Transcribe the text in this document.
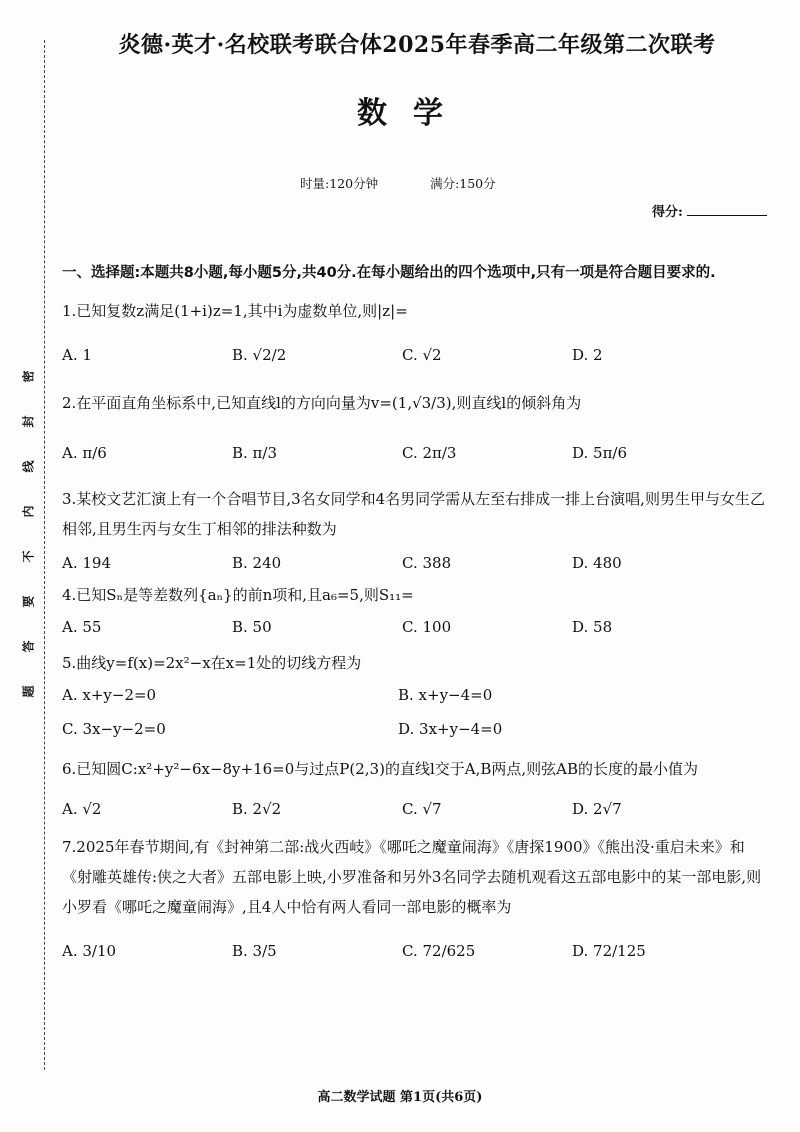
密
封
线
内
不
要
答
题
炎德·英才·名校联考联合体2025年春季高二年级第二次联考
数学
时量:120分钟	满分:150分
得分:
一、选择题:本题共8小题,每小题5分,共40分.在每小题给出的四个选项中,只有一项是符合题目要求的.
1.已知复数z满足(1+i)z=1,其中i为虚数单位,则|z|=
A. 1	B. √2/2	C. √2	D. 2
2.在平面直角坐标系中,已知直线l的方向向量为v=(1,√3/3),则直线l的倾斜角为
A. π/6	B. π/3	C. 2π/3	D. 5π/6
3.某校文艺汇演上有一个合唱节目,3名女同学和4名男同学需从左至右排成一排上台演唱,则男生甲与女生乙相邻,且男生丙与女生丁相邻的排法种数为
A. 194	B. 240	C. 388	D. 480
4.已知Sₙ是等差数列{aₙ}的前n项和,且a₆=5,则S₁₁=
A. 55	B. 50	C. 100	D. 58
5.曲线y=f(x)=2x²−x在x=1处的切线方程为
A. x+y−2=0	B. x+y−4=0
C. 3x−y−2=0	D. 3x+y−4=0
6.已知圆C:x²+y²−6x−8y+16=0与过点P(2,3)的直线l交于A,B两点,则弦AB的长度的最小值为
A. √2	B. 2√2	C. √7	D. 2√7
7.2025年春节期间,有《封神第二部:战火西岐》《哪吒之魔童闹海》《唐探1900》《熊出没·重启未来》和《射雕英雄传:侠之大者》五部电影上映,小罗准备和另外3名同学去随机观看这五部电影中的某一部电影,则小罗看《哪吒之魔童闹海》,且4人中恰有两人看同一部电影的概率为
A. 3/10	B. 3/5	C. 72/625	D. 72/125
高二数学试题 第1页(共6页)
